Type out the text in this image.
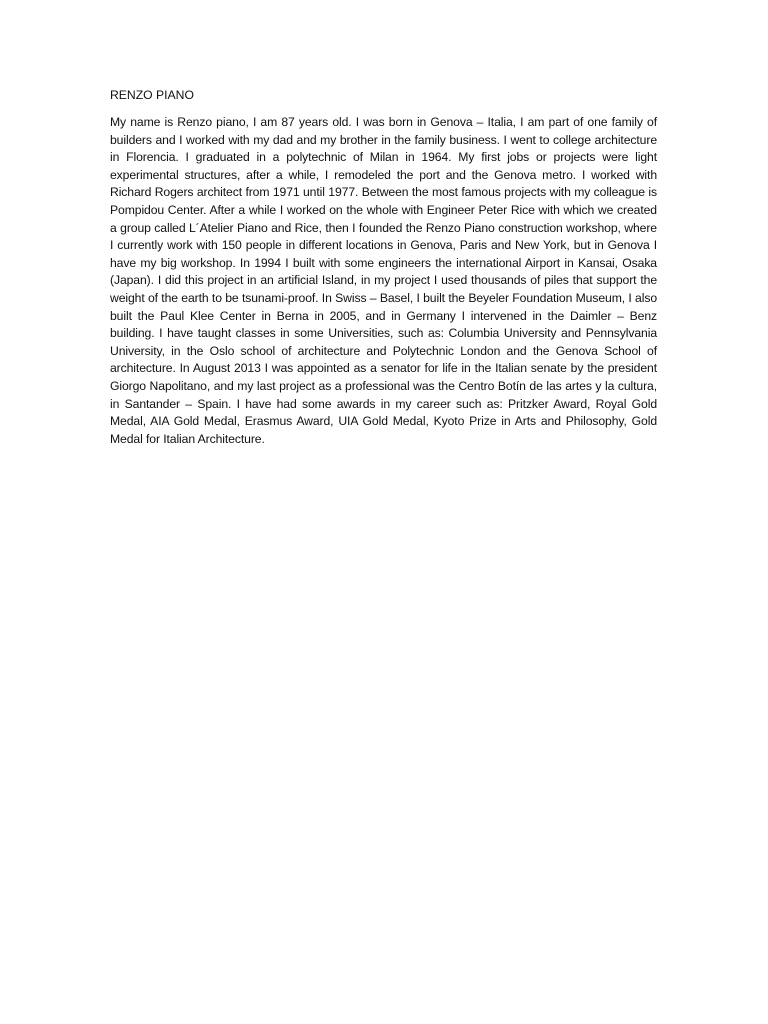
RENZO PIANO

My name is Renzo piano, I am 87 years old. I was born in Genova – Italia, I am part of one family of builders and I worked with my dad and my brother in the family business. I went to college architecture in Florencia. I graduated in a polytechnic of Milan in 1964. My first jobs or projects were light experimental structures, after a while, I remodeled the port and the Genova metro. I worked with Richard Rogers architect from 1971 until 1977. Between the most famous projects with my colleague is Pompidou Center. After a while I worked on the whole with Engineer Peter Rice with which we created a group called L´Atelier Piano and Rice, then I founded the Renzo Piano construction workshop, where I currently work with 150 people in different locations in Genova, Paris and New York, but in Genova I have my big workshop. In 1994 I built with some engineers the international Airport in Kansai, Osaka (Japan). I did this project in an artificial Island, in my project I used thousands of piles that support the weight of the earth to be tsunami-proof. In Swiss – Basel, I built the Beyeler Foundation Museum, I also built the Paul Klee Center in Berna in 2005, and in Germany I intervened in the Daimler – Benz building. I have taught classes in some Universities, such as: Columbia University and Pennsylvania University, in the Oslo school of architecture and Polytechnic London and the Genova School of architecture. In August 2013 I was appointed as a senator for life in the Italian senate by the president Giorgo Napolitano, and my last project as a professional was the Centro Botín de las artes y la cultura, in Santander – Spain. I have had some awards in my career such as: Pritzker Award, Royal Gold Medal, AIA Gold Medal, Erasmus Award, UIA Gold Medal, Kyoto Prize in Arts and Philosophy, Gold Medal for Italian Architecture.
